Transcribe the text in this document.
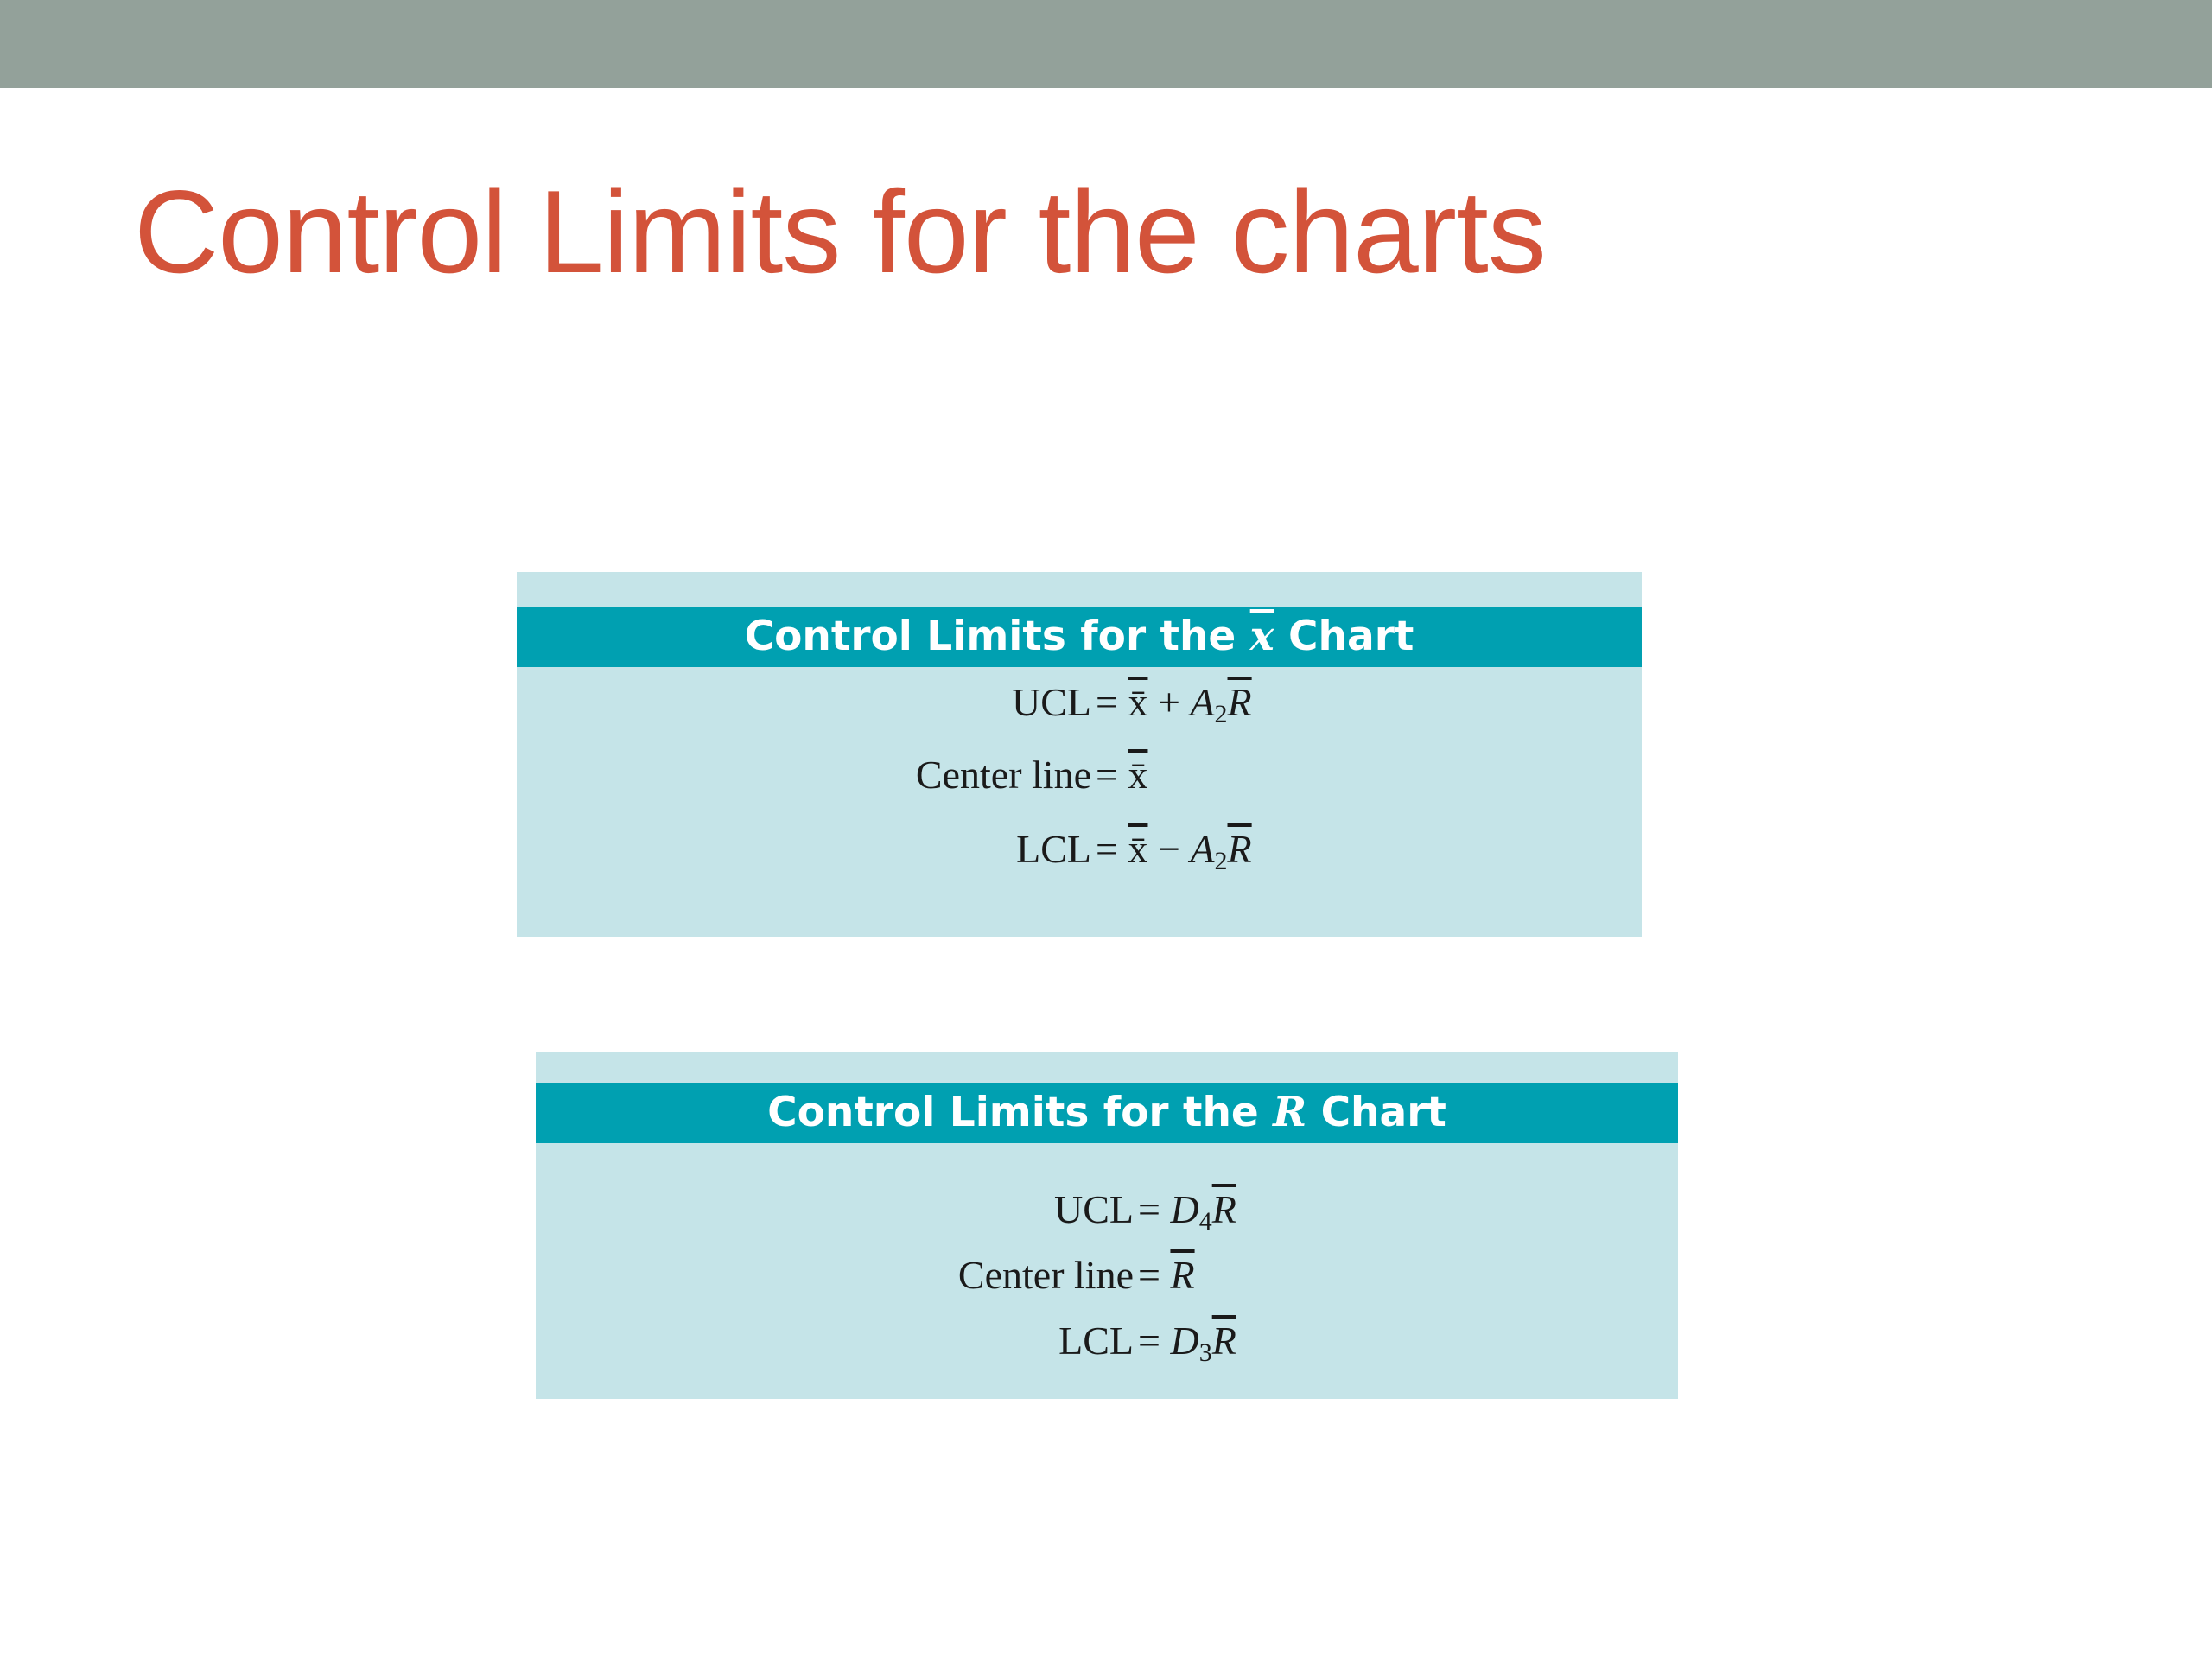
Control Limits for the charts
Control Limits for the $\overline{x}$ Chart
UCL = x̄ + $A_2\overline{R}$
Center line = x̄
LCL = x̄ − $A_2\overline{R}$
Control Limits for the R Chart
UCL = $D_4\overline{R}$
Center line = $\overline{R}$
LCL = $D_3\overline{R}$
